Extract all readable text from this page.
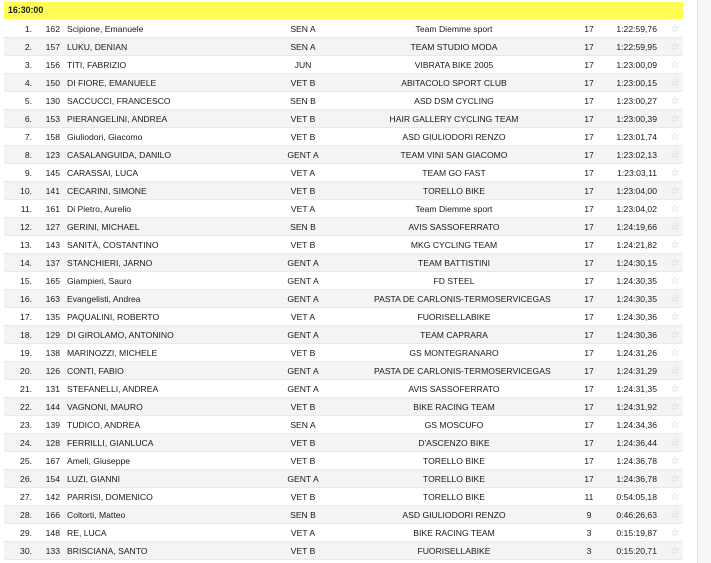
16:30:00
1.	162 Scipione, Emanuele	SEN A	Team Diemme sport	17	1:22:59,76 ☆
2.	157 LUKU, DENIAN	SEN A	TEAM STUDIO MODA	17	1:22:59,95 ☆
3.	156 TITI, FABRIZIO	JUN	VIBRATA BIKE 2005	17	1:23:00,09 ☆
4.	150 DI FIORE, EMANUELE	VET B	ABITACOLO SPORT CLUB	17	1:23:00,15 ☆
5.	130 SACCUCCI, FRANCESCO	SEN B	ASD DSM CYCLING	17	1:23:00,27 ☆
6.	153 PIERANGELINI, ANDREA	VET B	HAIR GALLERY CYCLING TEAM	17	1:23:00,39 ☆
7.	158 Giuliodori, Giacomo	VET B	ASD GIULIODORI RENZO	17	1:23:01,74 ☆
8.	123 CASALANGUIDA, DANILO	GENT A	TEAM VINI SAN GIACOMO	17	1:23:02,13 ☆
9.	145 CARASSAI, LUCA	VET A	TEAM GO FAST	17	1:23:03,11 ☆
10.	141 CECARINI, SIMONE	VET B	TORELLO BIKE	17	1:23:04,00 ☆
11.	161 Di Pietro, Aurelio	VET A	Team Diemme sport	17	1:23:04,02 ☆
12.	127 GERINI, MICHAEL	SEN B	AVIS SASSOFERRATO	17	1:24:19,66 ☆
13.	143 SANITÀ, COSTANTINO	VET B	MKG CYCLING TEAM	17	1:24:21,82 ☆
14.	137 STANCHIERI, JARNO	GENT A	TEAM BATTISTINI	17	1:24:30,15 ☆
15.	165 Giampieri, Sauro	GENT A	FD STEEL	17	1:24:30,35 ☆
16.	163 Evangelisti, Andrea	GENT A	PASTA DE CARLONIS-TERMOSERVICEGAS	17	1:24:30,35 ☆
17.	135 PAQUALINI, ROBERTO	VET A	FUORISELLABIKE	17	1:24:30,36 ☆
18.	129 DI GIROLAMO, ANTONINO	GENT A	TEAM CAPRARA	17	1:24:30,36 ☆
19.	138 MARINOZZI, MICHELE	VET B	GS MONTEGRANARO	17	1:24:31,26 ☆
20.	126 CONTI, FABIO	GENT A	PASTA DE CARLONIS-TERMOSERVICEGAS	17	1:24:31,29 ☆
21.	131 STEFANELLI, ANDREA	GENT A	AVIS SASSOFERRATO	17	1:24:31,35 ☆
22.	144 VAGNONI, MAURO	VET B	BIKE RACING TEAM	17	1:24:31,92 ☆
23.	139 TUDICO, ANDREA	SEN A	GS MOSCUFO	17	1:24:34,36 ☆
24.	128 FERRILLI, GIANLUCA	VET B	D'ASCENZO BIKE	17	1:24:36,44 ☆
25.	167 Ameli, Giuseppe	VET B	TORELLO BIKE	17	1:24:36,78 ☆
26.	154 LUZI, GIANNI	GENT A	TORELLO BIKE	17	1:24:36,78 ☆
27.	142 PARRISI, DOMENICO	VET B	TORELLO BIKE	11	0:54:05,18 ☆
28.	166 Coltorti, Matteo	SEN B	ASD GIULIODORI RENZO	9	0:46:26,63 ☆
29.	148 RE, LUCA	VET A	BIKE RACING TEAM	3	0:15:19,87 ☆
30.	133 BRISCIANA, SANTO	VET B	FUORISELLABIKE	3	0:15:20,71 ☆
